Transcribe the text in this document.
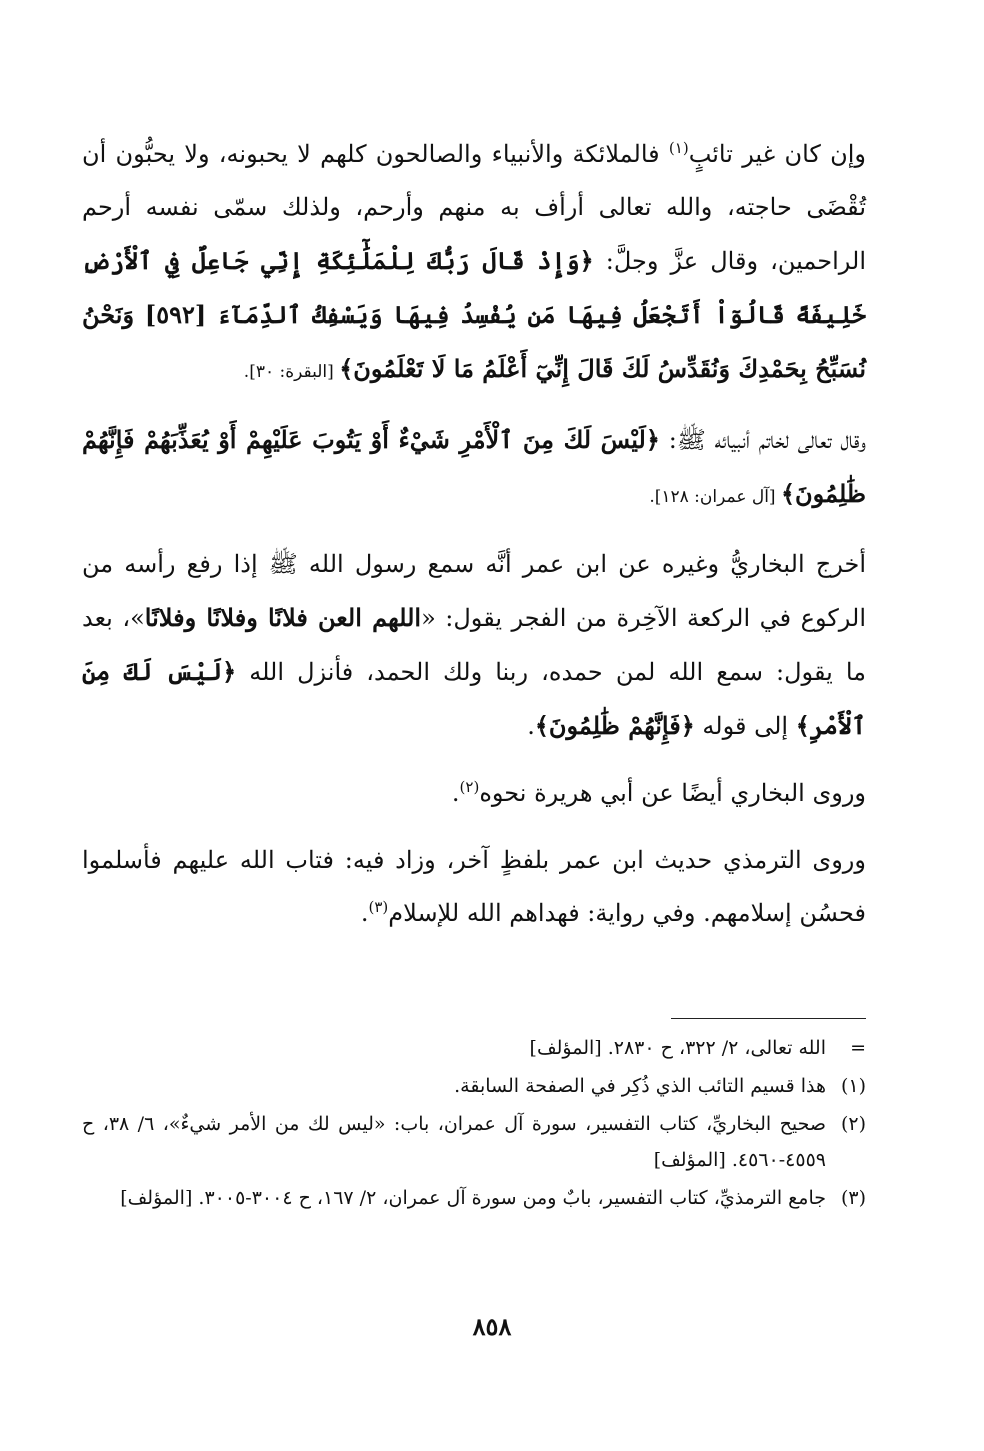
وإن كان غير تائبٍ$^{(١)}$ فالملائكة والأنبياء والصالحون كلهم لا يحبونه، ولا يحبُّون أن تُقْضَى حاجته، والله تعالى أرأف به منهم وأرحم، ولذلك سمّى نفسه أرحم الراحمين، وقال عزَّ وجلَّ: ﴿وَإِذْ قَالَ رَبُّكَ لِلْمَلَٰٓئِكَةِ إِنِّي جَاعِلٌ فِي ٱلْأَرْضِ خَلِيفَةً قَالُوٓاْ أَتَجْعَلُ فِيهَا مَن يُفْسِدُ فِيهَا وَيَسْفِكُ ٱلدِّمَآءَ [٥٩٢] وَنَحْنُ نُسَبِّحُ بِحَمْدِكَ وَنُقَدِّسُ لَكَ قَالَ إِنِّيٓ أَعْلَمُ مَا لَا تَعْلَمُونَ﴾ [البقرة: ٣٠].

وقال تعالى لخاتم أنبيائه ﷺ: ﴿لَيْسَ لَكَ مِنَ ٱلْأَمْرِ شَيْءٌ أَوْ يَتُوبَ عَلَيْهِمْ أَوْ يُعَذِّبَهُمْ فَإِنَّهُمْ ظَٰلِمُونَ﴾ [آل عمران: ١٢٨].

أخرج البخاريُّ وغيره عن ابن عمر أنَّه سمع رسول الله ﷺ إذا رفع رأسه من الركوع في الركعة الآخِرة من الفجر يقول: «اللهم العن فلانًا وفلانًا وفلانًا»، بعد ما يقول: سمع الله لمن حمده، ربنا ولك الحمد، فأنزل الله ﴿لَيْسَ لَكَ مِنَ ٱلْأَمْرِ﴾ إلى قوله ﴿فَإِنَّهُمْ ظَٰلِمُونَ﴾.

وروى البخاري أيضًا عن أبي هريرة نحوه$^{(٢)}$.

وروى الترمذي حديث ابن عمر بلفظٍ آخر، وزاد فيه: فتاب الله عليهم فأسلموا فحسُن إسلامهم. وفي رواية: فهداهم الله للإسلام$^{(٣)}$.

=
الله تعالى، ٢/ ٣٢٢، ح ٢٨٣٠. [المؤلف]
(١)
هذا قسيم التائب الذي ذُكِر في الصفحة السابقة.
(٢)
صحيح البخاريِّ، كتاب التفسير، سورة آل عمران، باب: «ليس لك من الأمر شيءٌ»، ٦/ ٣٨، ح ٤٥٥٩-٤٥٦٠. [المؤلف]
(٣)
جامع الترمذيِّ، كتاب التفسير، بابٌ ومن سورة آل عمران، ٢/ ١٦٧، ح ٣٠٠٤-٣٠٠٥. [المؤلف]
٨٥٨
